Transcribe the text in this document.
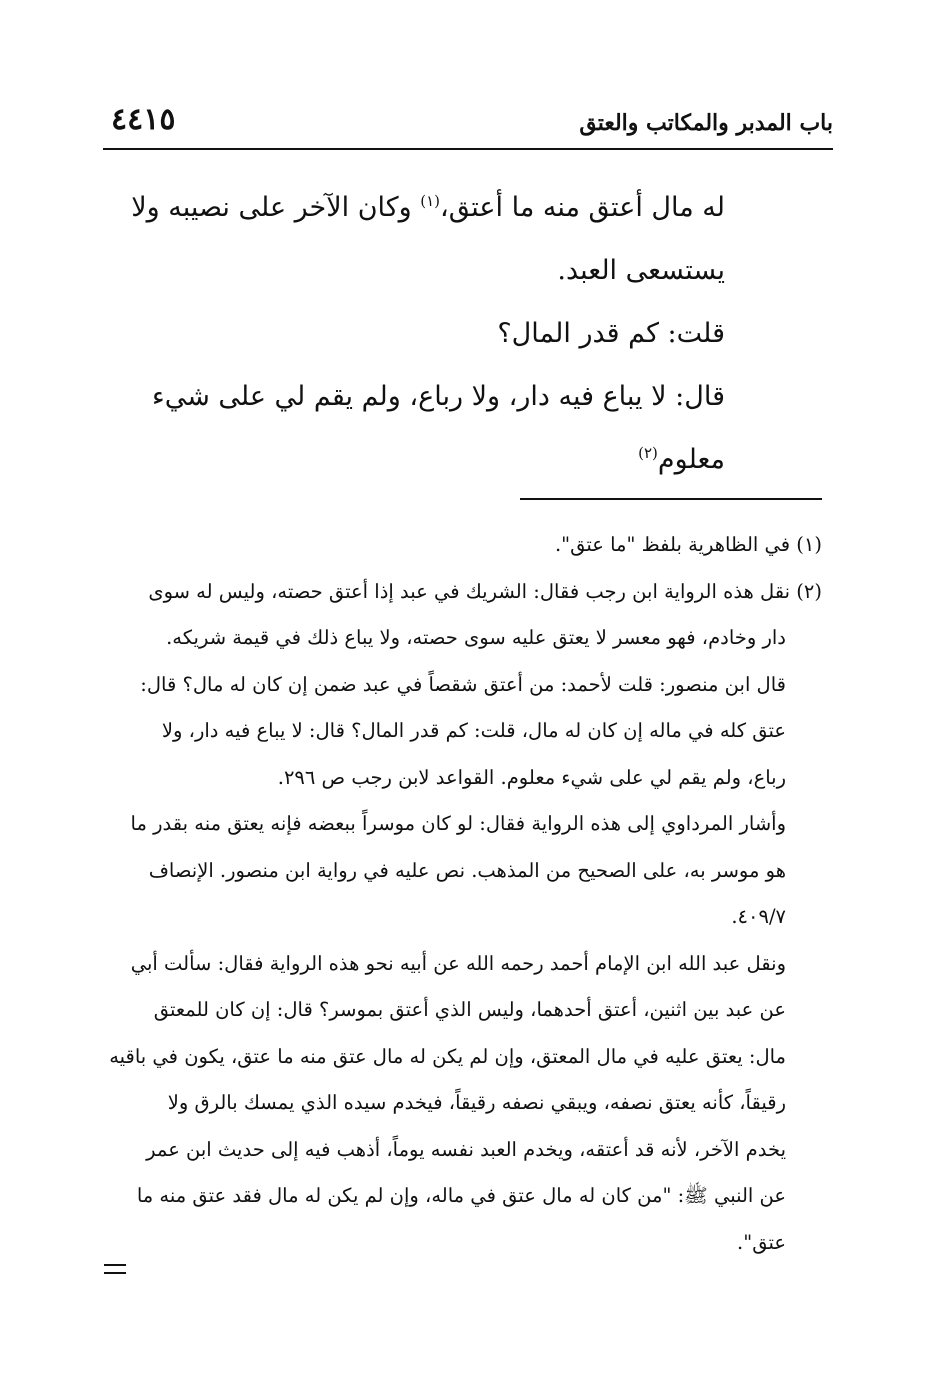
باب المدبر والمكاتب والعتق
٤٤١٥

له مال أعتق منه ما أعتق،$^{(١)}$ وكان الآخر على نصيبه ولا

يستسعى العبد.

قلت: كم قدر المال؟

قال: لا يباع فيه دار، ولا رباع، ولم يقم لي على شيء

معلوم$^{(٢)}$

(١) في الظاهرية بلفظ "ما عتق".
(٢) نقل هذه الرواية ابن رجب فقال: الشريك في عبد إذا أعتق حصته، وليس له سوى
دار وخادم، فهو معسر لا يعتق عليه سوى حصته، ولا يباع ذلك في قيمة شريكه.
قال ابن منصور: قلت لأحمد: من أعتق شقصاً في عبد ضمن إن كان له مال؟ قال:
عتق كله في ماله إن كان له مال، قلت: كم قدر المال؟ قال: لا يباع فيه دار، ولا
رباع، ولم يقم لي على شيء معلوم. القواعد لابن رجب ص ٢٩٦.
وأشار المرداوي إلى هذه الرواية فقال: لو كان موسراً ببعضه فإنه يعتق منه بقدر ما
هو موسر به، على الصحيح من المذهب. نص عليه في رواية ابن منصور. الإنصاف
٤٠٩/٧.
ونقل عبد الله ابن الإمام أحمد رحمه الله عن أبيه نحو هذه الرواية فقال: سألت أبي
عن عبد بين اثنين، أعتق أحدهما، وليس الذي أعتق بموسر؟ قال: إن كان للمعتق
مال: يعتق عليه في مال المعتق، وإن لم يكن له مال عتق منه ما عتق، يكون في باقيه
رقيقاً، كأنه يعتق نصفه، ويبقي نصفه رقيقاً، فيخدم سيده الذي يمسك بالرق ولا
يخدم الآخر، لأنه قد أعتقه، ويخدم العبد نفسه يوماً، أذهب فيه إلى حديث ابن عمر
عن النبي ﷺ: "من كان له مال عتق في ماله، وإن لم يكن له مال فقد عتق منه ما
عتق".
